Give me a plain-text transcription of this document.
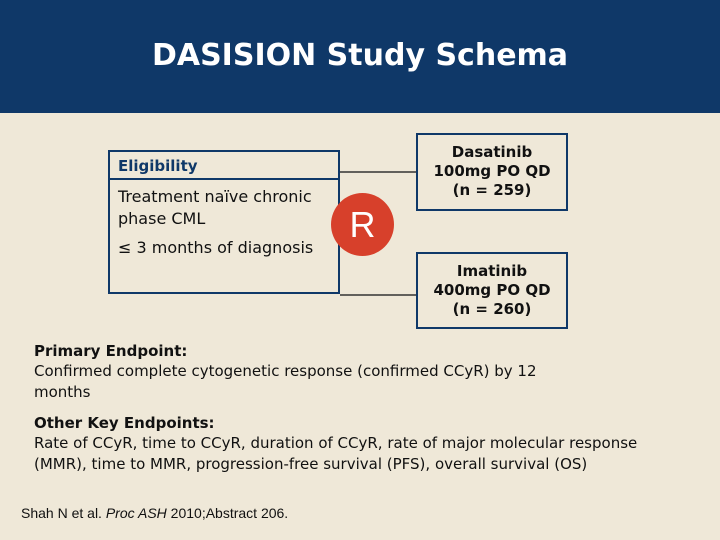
DASISION Study Schema
Eligibility
Treatment naïve chronic phase CML
≤ 3 months of diagnosis
R
Dasatinib
100mg PO QD
(n = 259)
Imatinib
400mg PO QD
(n = 260)
Primary Endpoint:
Confirmed complete cytogenetic response (confirmed CCyR) by 12 months
Other Key Endpoints:
Rate of CCyR, time to CCyR, duration of CCyR, rate of major molecular response (MMR), time to MMR, progression-free survival (PFS), overall survival (OS)
Shah N et al. Proc ASH 2010;Abstract 206.
